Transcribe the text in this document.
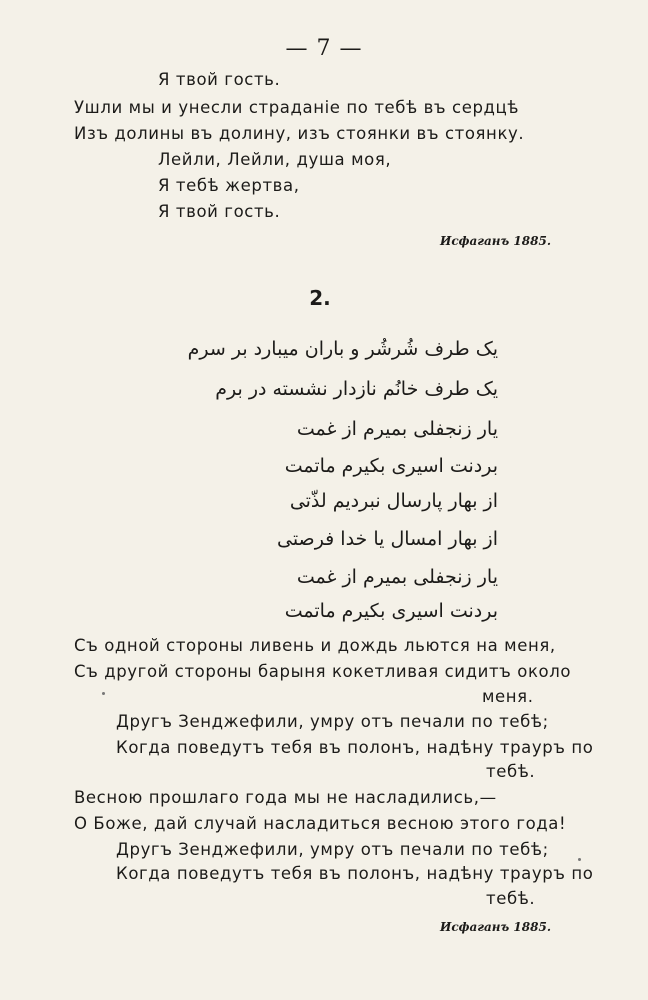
— 7 —
Я твой гость.
Ушли мы и унесли страданіе по тебѣ въ сердцѣ
Изъ долины въ долину, изъ стоянки въ стоянку.
Лейли, Лейли, душа моя,
Я тебѣ жертва,
Я твой гость.
Исфаганъ 1885.
2.
یک طرف شُرشُر و باران میبارد بر سرم
یک طرف خانُم نازدار نشسته در برم
یار زنجفلی بمیرم از غمت
بردنت اسیری بکیرم ماتمت
از بهار پارسال نبردیم لذّتی
از بهار امسال یا خدا فرصتی
یار زنجفلی بمیرم از غمت
بردنت اسیری بکیرم ماتمت
Съ одной стороны ливень и дождь льются на меня,
Съ другой стороны барыня кокетливая сидитъ около
меня.
Другъ Зенджефили, умру отъ печали по тебѣ;
Когда поведутъ тебя въ полонъ, надѣну трауръ по
тебѣ.
Весною прошлаго года мы не насладились,—
О Боже, дай случай насладиться весною этого года!
Другъ Зенджефили, умру отъ печали по тебѣ;
Когда поведутъ тебя въ полонъ, надѣну трауръ по
тебѣ.
Исфаганъ 1885.
